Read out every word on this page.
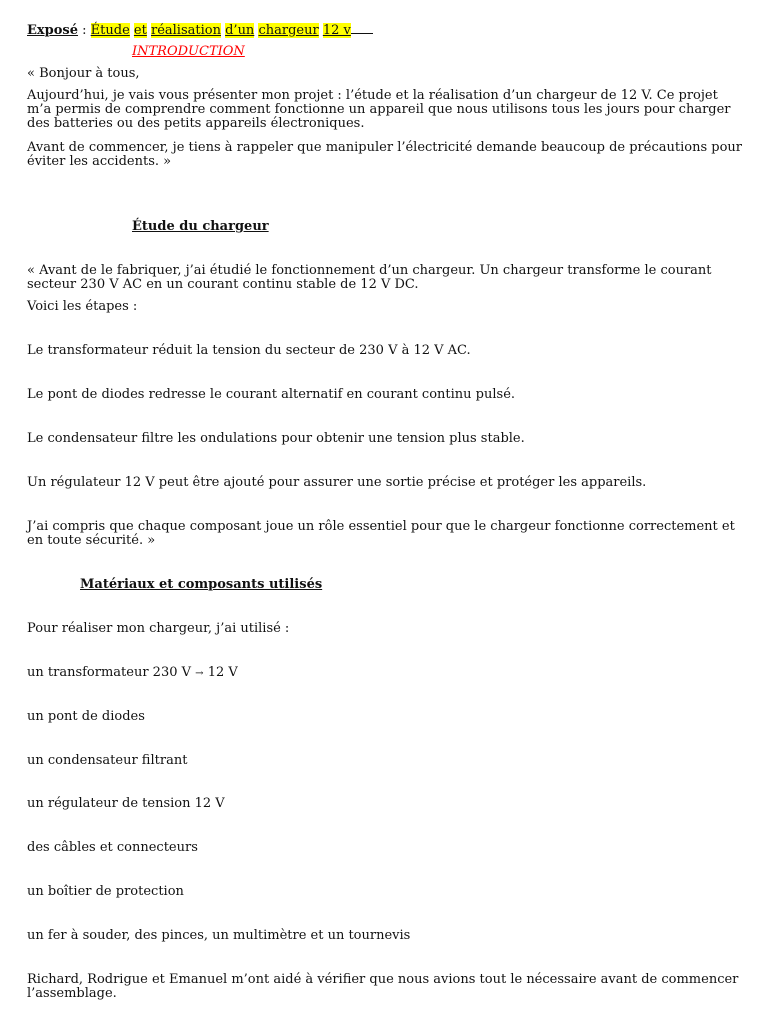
Exposé : Étude et réalisation d’un chargeur 12 v
INTRODUCTION
« Bonjour à tous,
Aujourd’hui, je vais vous présenter mon projet : l’étude et la réalisation d’un chargeur de 12 V. Ce projet m’a permis de comprendre comment fonctionne un appareil que nous utilisons tous les jours pour charger des batteries ou des petits appareils électroniques.
Avant de commencer, je tiens à rappeler que manipuler l’électricité demande beaucoup de précautions pour éviter les accidents. »
Étude du chargeur
« Avant de le fabriquer, j’ai étudié le fonctionnement d’un chargeur. Un chargeur transforme le courant secteur 230 V AC en un courant continu stable de 12 V DC.
Voici les étapes :
Le transformateur réduit la tension du secteur de 230 V à 12 V AC.
Le pont de diodes redresse le courant alternatif en courant continu pulsé.
Le condensateur filtre les ondulations pour obtenir une tension plus stable.
Un régulateur 12 V peut être ajouté pour assurer une sortie précise et protéger les appareils.
J’ai compris que chaque composant joue un rôle essentiel pour que le chargeur fonctionne correctement et en toute sécurité. »
Matériaux et composants utilisés
Pour réaliser mon chargeur, j’ai utilisé :
un transformateur 230 V → 12 V
un pont de diodes
un condensateur filtrant
un régulateur de tension 12 V
des câbles et connecteurs
un boîtier de protection
un fer à souder, des pinces, un multimètre et un tournevis
Richard, Rodrigue et Emanuel m’ont aidé à vérifier que nous avions tout le nécessaire avant de commencer l’assemblage.
